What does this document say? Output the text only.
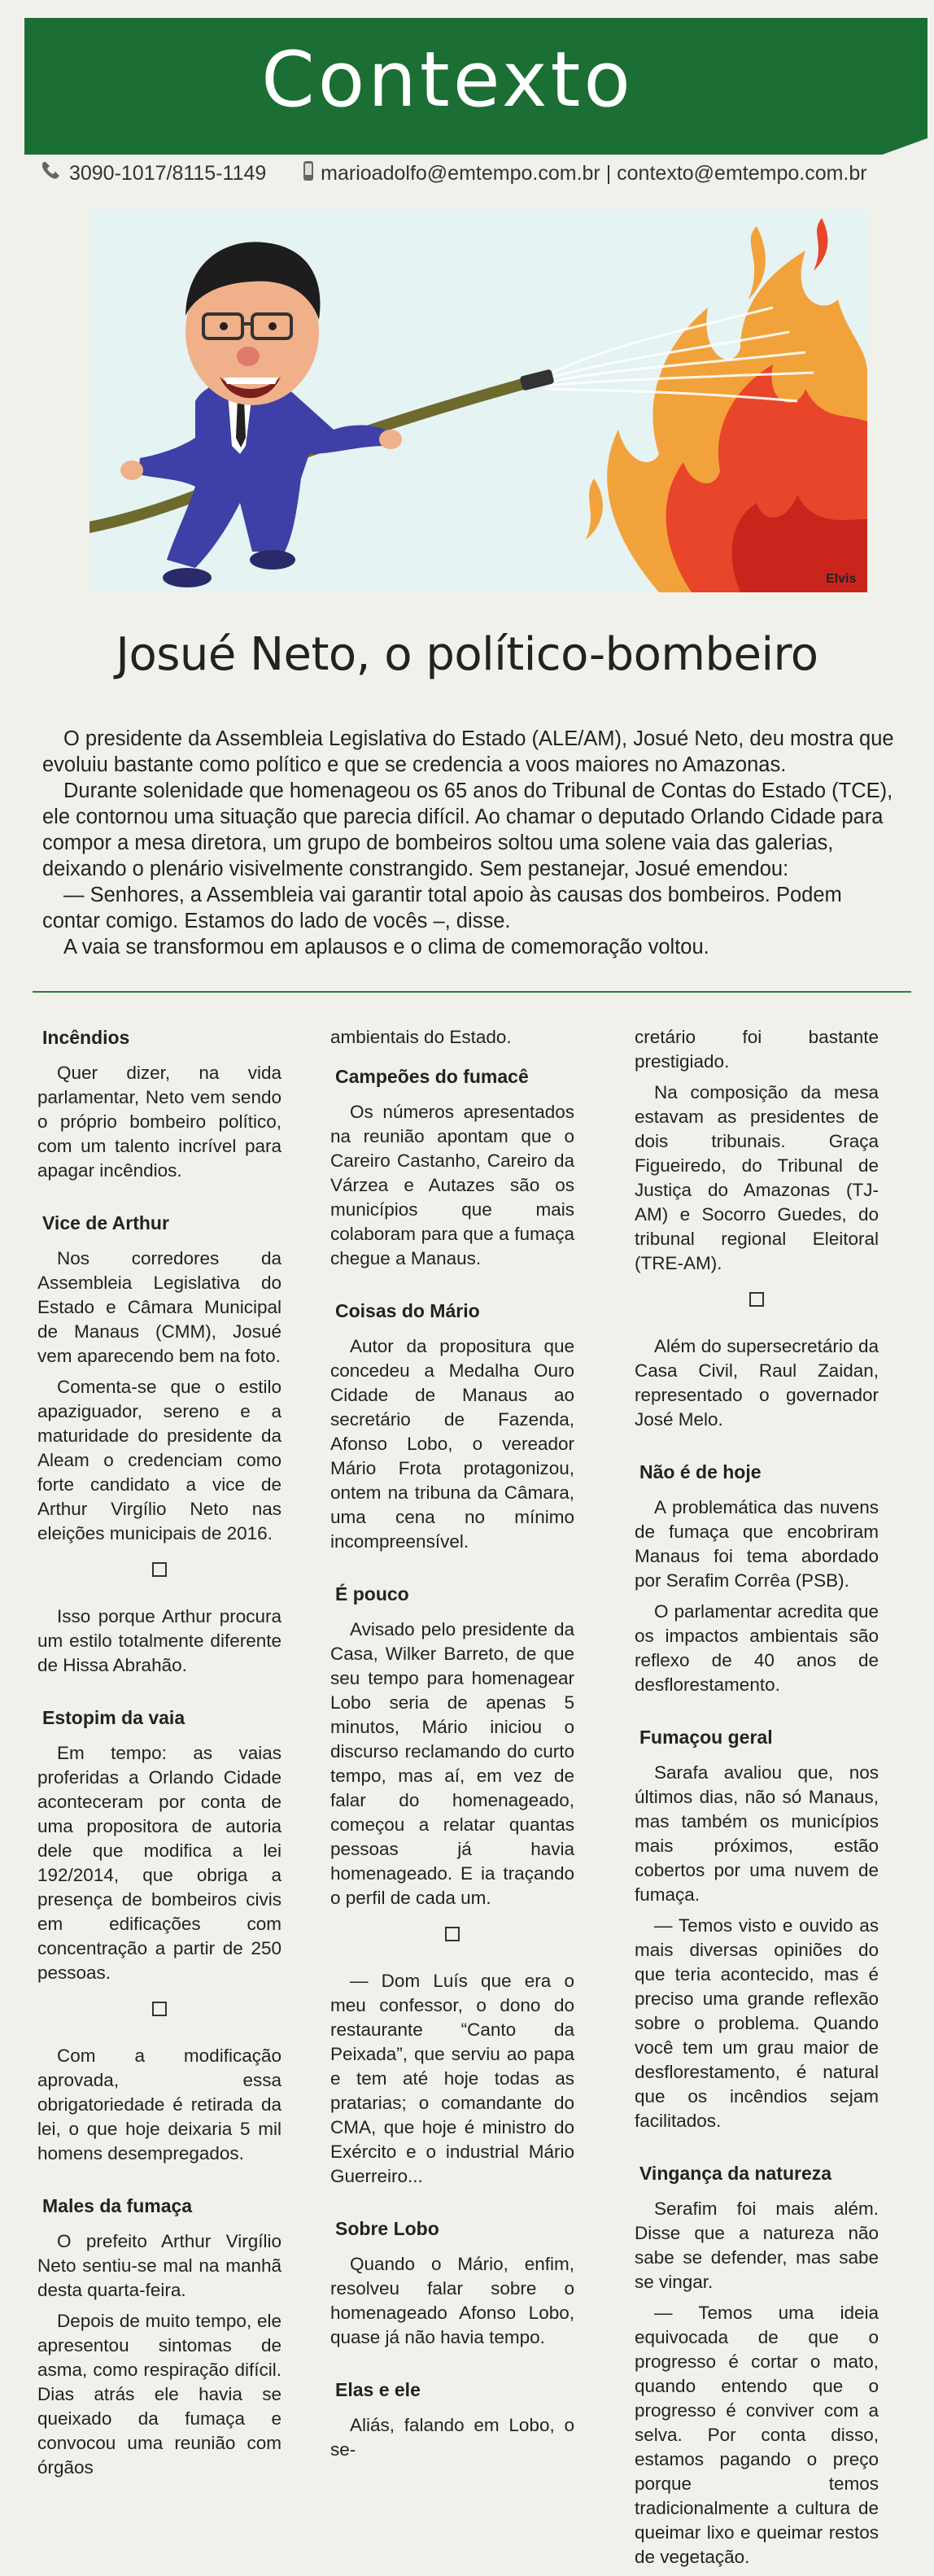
Contexto
3090-1017/8115-1149	marioadolfo@emtempo.com.br | contexto@emtempo.com.br
Elvis
Josué Neto, o político-bombeiro

O presidente da Assembleia Legislativa do Estado (ALE/AM), Josué Neto, deu mostra que evoluiu bastante como político e que se credencia a voos maiores no Amazonas.

Durante solenidade que homenageou os 65 anos do Tribunal de Contas do Estado (TCE), ele contornou uma situação que parecia difícil. Ao chamar o deputado Orlando Cidade para compor a mesa diretora, um grupo de bombeiros soltou uma solene vaia das galerias, deixando o plenário visivelmente constrangido. Sem pestanejar, Josué emendou:

— Senhores, a Assembleia vai garantir total apoio às causas dos bombeiros. Podem contar comigo. Estamos do lado de vocês –, disse.

A vaia se transformou em aplausos e o clima de comemoração voltou.

Incêndios

Quer dizer, na vida parlamentar, Neto vem sendo o próprio bombeiro político, com um talento incrível para apagar incêndios.

Vice de Arthur

Nos corredores da Assembleia Legislativa do Estado e Câmara Municipal de Manaus (CMM), Josué vem aparecendo bem na foto.

Comenta-se que o estilo apaziguador, sereno e a maturidade do presidente da Aleam o credenciam como forte candidato a vice de Arthur Virgílio Neto nas eleições municipais de 2016.

Isso porque Arthur procura um estilo totalmente diferente de Hissa Abrahão.

Estopim da vaia

Em tempo: as vaias proferidas a Orlando Cidade aconteceram por conta de uma propositora de autoria dele que modifica a lei 192/2014, que obriga a presença de bombeiros civis em edificações com concentração a partir de 250 pessoas.

Com a modificação aprovada, essa obrigatoriedade é retirada da lei, o que hoje deixaria 5 mil homens desempregados.

Males da fumaça

O prefeito Arthur Virgílio Neto sentiu-se mal na manhã desta quarta-feira.

Depois de muito tempo, ele apresentou sintomas de asma, como respiração difícil. Dias atrás ele havia se queixado da fumaça e convocou uma reunião com órgãos

ambientais do Estado.

Campeões do fumacê

Os números apresentados na reunião apontam que o Careiro Castanho, Careiro da Várzea e Autazes são os municípios que mais colaboram para que a fumaça chegue a Manaus.

Coisas do Mário

Autor da propositura que concedeu a Medalha Ouro Cidade de Manaus ao secretário de Fazenda, Afonso Lobo, o vereador Mário Frota protagonizou, ontem na tribuna da Câmara, uma cena no mínimo incompreensível.

É pouco

Avisado pelo presidente da Casa, Wilker Barreto, de que seu tempo para homenagear Lobo seria de apenas 5 minutos, Mário iniciou o discurso reclamando do curto tempo, mas aí, em vez de falar do homenageado, começou a relatar quantas pessoas já havia homenageado. E ia traçando o perfil de cada um.

— Dom Luís que era o meu confessor, o dono do restaurante “Canto da Peixada”, que serviu ao papa e tem até hoje todas as pratarias; o comandante do CMA, que hoje é ministro do Exército e o industrial Mário Guerreiro...

Sobre Lobo

Quando o Mário, enfim, resolveu falar sobre o homenageado Afonso Lobo, quase já não havia tempo.

Elas e ele

Aliás, falando em Lobo, o se-

cretário foi bastante prestigiado.

Na composição da mesa estavam as presidentes de dois tribunais. Graça Figueiredo, do Tribunal de Justiça do Amazonas (TJ-AM) e Socorro Guedes, do tribunal regional Eleitoral (TRE-AM).

Além do supersecretário da Casa Civil, Raul Zaidan, representado o governador José Melo.

Não é de hoje

A problemática das nuvens de fumaça que encobriram Manaus foi tema abordado por Serafim Corrêa (PSB).

O parlamentar acredita que os impactos ambientais são reflexo de 40 anos de desflorestamento.

Fumaçou geral

Sarafa avaliou que, nos últimos dias, não só Manaus, mas também os municípios mais próximos, estão cobertos por uma nuvem de fumaça.

— Temos visto e ouvido as mais diversas opiniões do que teria acontecido, mas é preciso uma grande reflexão sobre o problema. Quando você tem um grau maior de desflorestamento, é natural que os incêndios sejam facilitados.

Vingança da natureza

Serafim foi mais além. Disse que a natureza não sabe se defender, mas sabe se vingar.

— Temos uma ideia equivocada de que o progresso é cortar o mato, quando entendo que o progresso é conviver com a selva. Por conta disso, estamos pagando o preço porque temos tradicionalmente a cultura de queimar lixo e queimar restos de vegetação.
